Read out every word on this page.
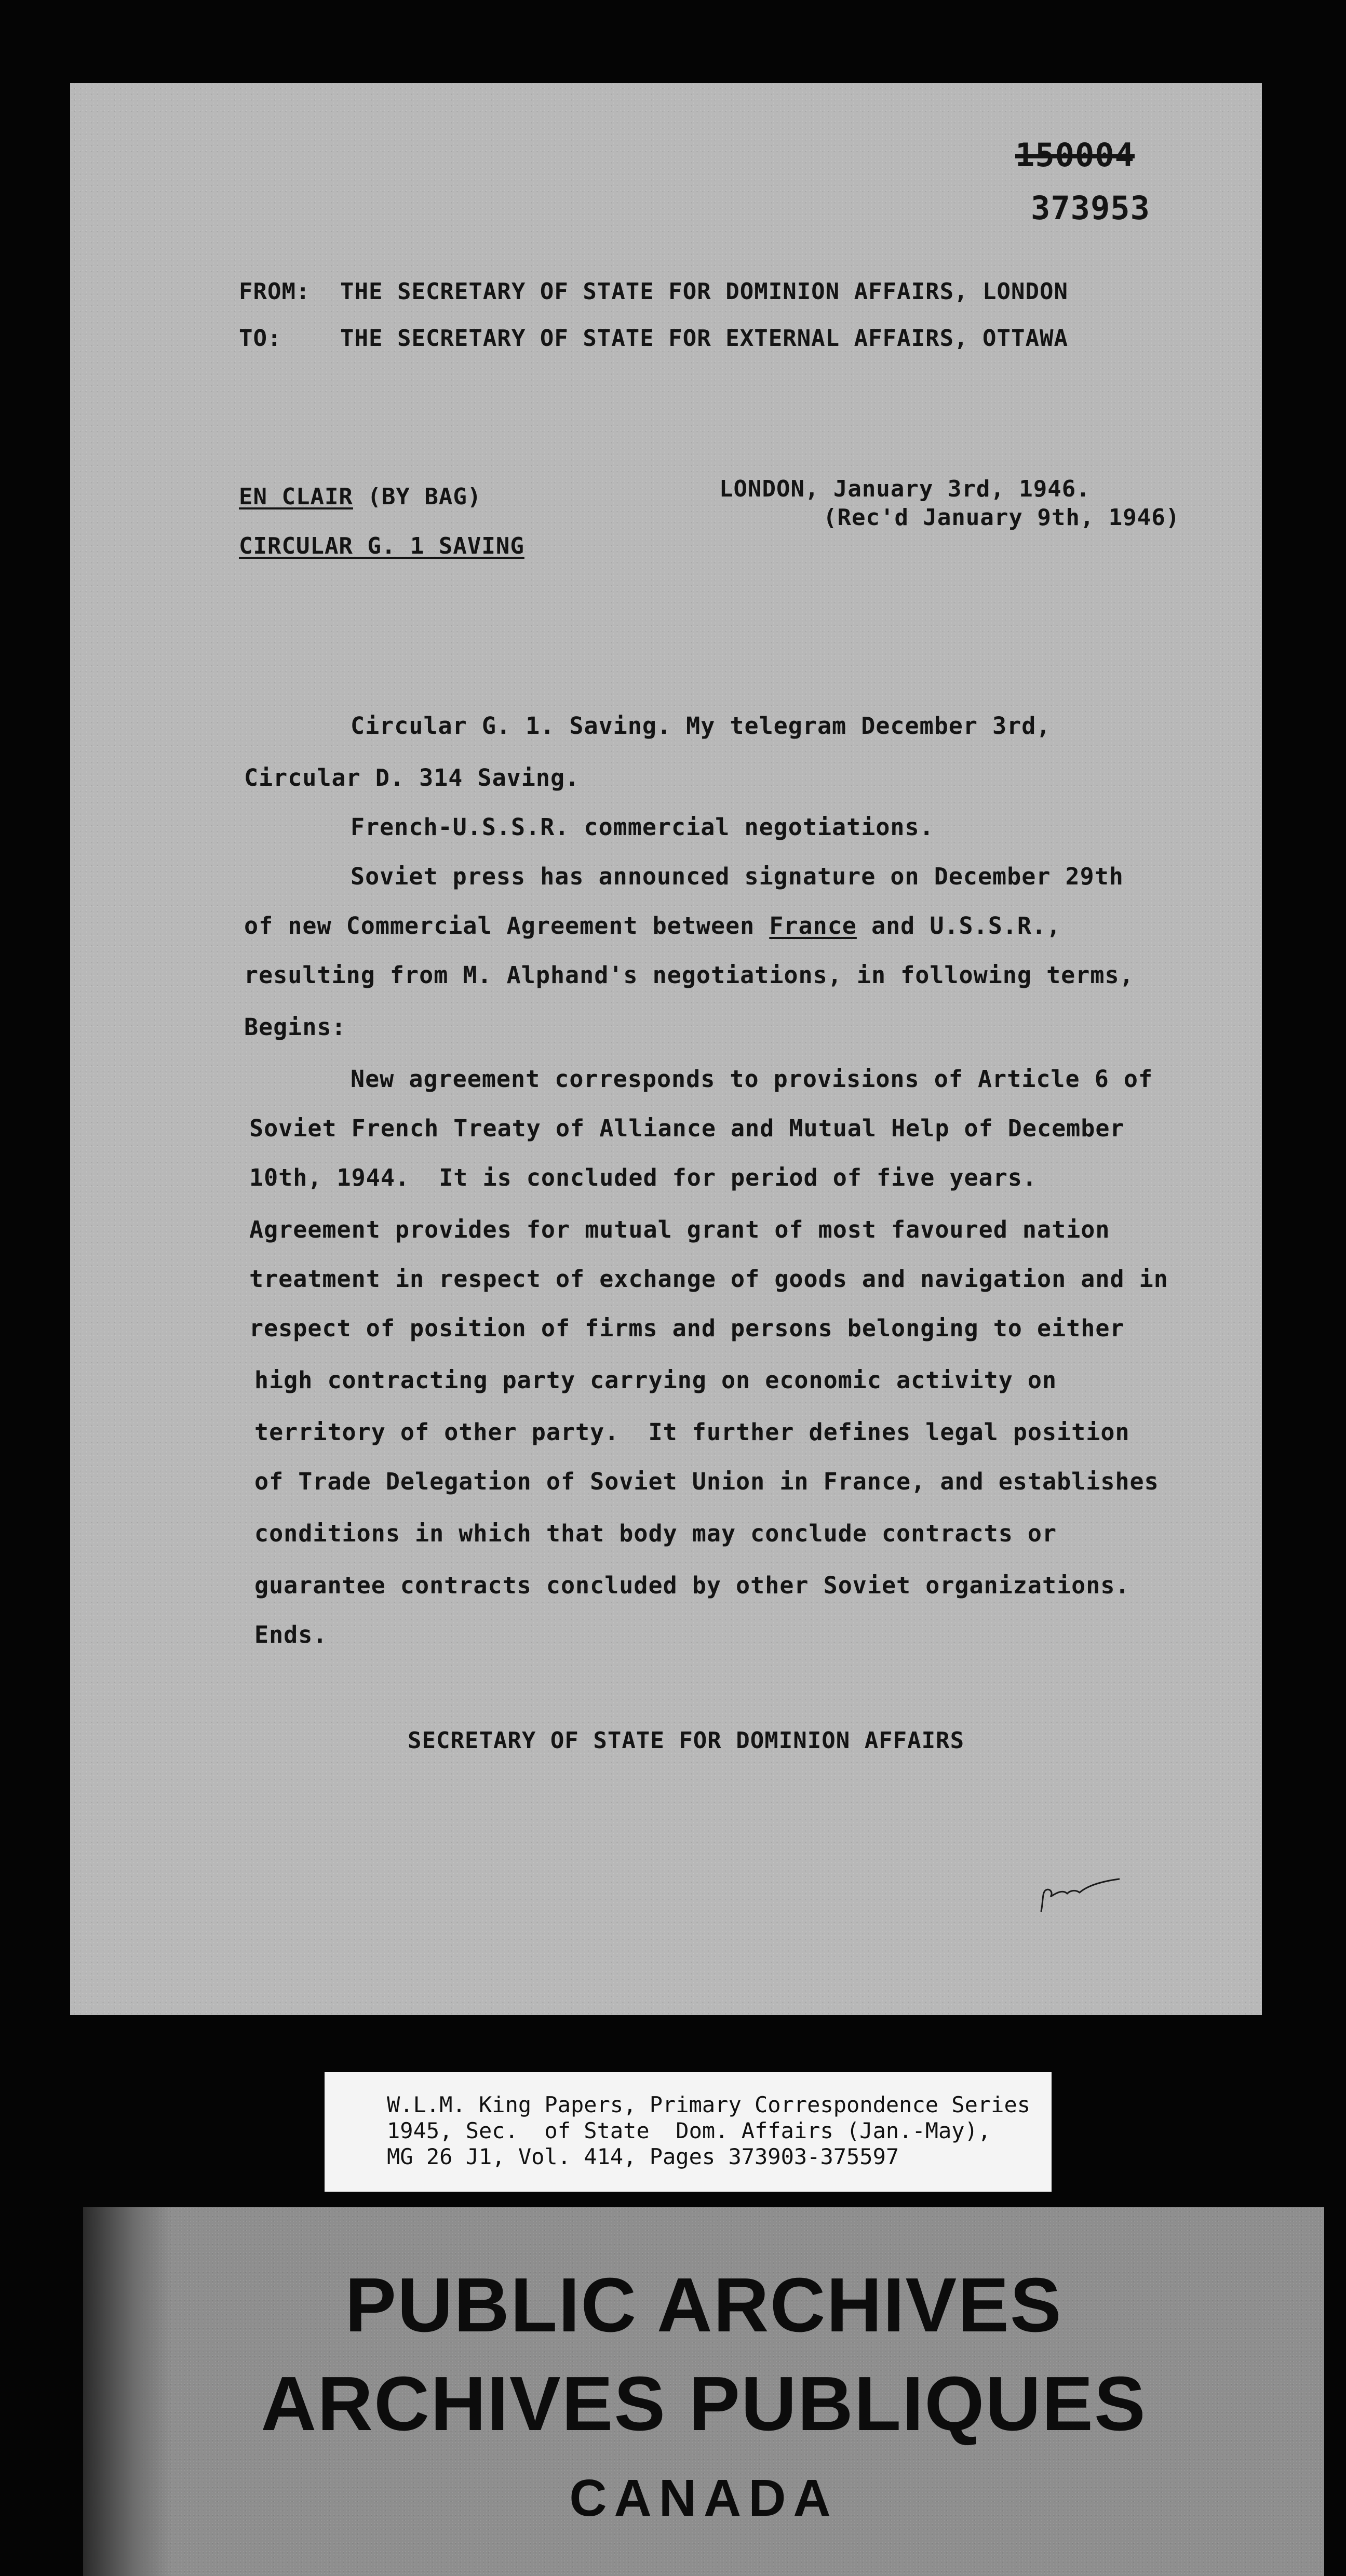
150004
373953
FROM: THE SECRETARY OF STATE FOR DOMINION AFFAIRS, LONDON
TO:	THE SECRETARY OF STATE FOR EXTERNAL AFFAIRS, OTTAWA
EN CLAIR (BY BAG)
CIRCULAR G. 1 SAVING
LONDON, January 3rd, 1946.
(Rec'd January 9th, 1946)
Circular G. 1. Saving. My telegram December 3rd,
Circular D. 314 Saving.
French-U.S.S.R. commercial negotiations.
Soviet press has announced signature on December 29th
of new Commercial Agreement between France and U.S.S.R.,
resulting from M. Alphand's negotiations, in following terms,
Begins:
New agreement corresponds to provisions of Article 6 of
Soviet French Treaty of Alliance and Mutual Help of December
10th, 1944.  It is concluded for period of five years.
Agreement provides for mutual grant of most favoured nation
treatment in respect of exchange of goods and navigation and in
respect of position of firms and persons belonging to either
high contracting party carrying on economic activity on
territory of other party.  It further defines legal position
of Trade Delegation of Soviet Union in France, and establishes
conditions in which that body may conclude contracts or
guarantee contracts concluded by other Soviet organizations.
Ends.
SECRETARY OF STATE FOR DOMINION AFFAIRS
W.L.M. King Papers, Primary Correspondence Series
1945, Sec.  of State  Dom. Affairs (Jan.-May),
MG 26 J1, Vol. 414, Pages 373903-375597
PUBLIC ARCHIVES
ARCHIVES PUBLIQUES
CANADA
